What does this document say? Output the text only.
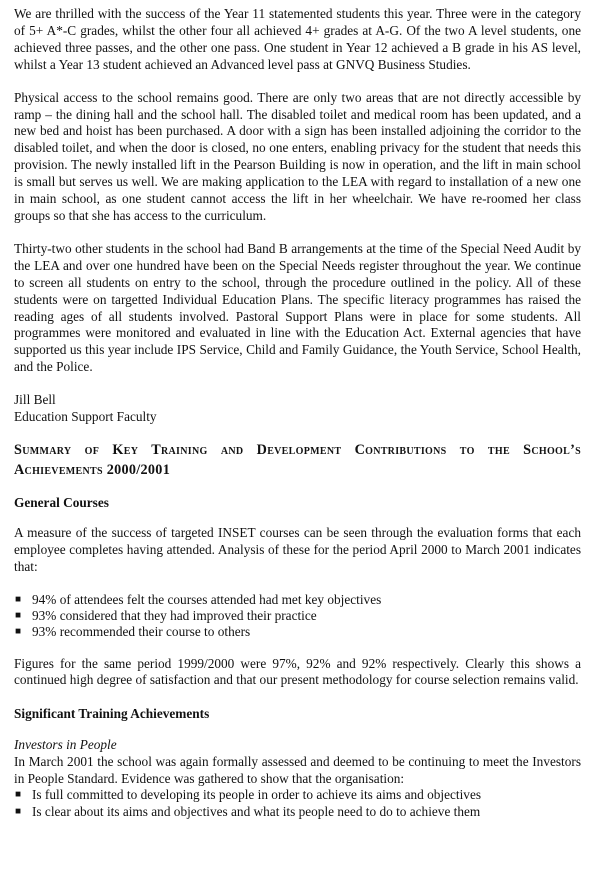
We are thrilled with the success of the Year 11 statemented students this year. Three were in the category of 5+ A*-C grades, whilst the other four all achieved 4+ grades at A-G. Of the two A level students, one achieved three passes, and the other one pass. One student in Year 12 achieved a B grade in his AS level, whilst a Year 13 student achieved an Advanced level pass at GNVQ Business Studies.

Physical access to the school remains good. There are only two areas that are not directly accessible by ramp – the dining hall and the school hall. The disabled toilet and medical room has been updated, and a new bed and hoist has been purchased. A door with a sign has been installed adjoining the corridor to the disabled toilet, and when the door is closed, no one enters, enabling privacy for the student that needs this provision. The newly installed lift in the Pearson Building is now in operation, and the lift in main school is small but serves us well. We are making application to the LEA with regard to installation of a new one in main school, as one student cannot access the lift in her wheelchair. We have re-roomed her class groups so that she has access to the curriculum.

Thirty-two other students in the school had Band B arrangements at the time of the Special Need Audit by the LEA and over one hundred have been on the Special Needs register throughout the year. We continue to screen all students on entry to the school, through the procedure outlined in the policy. All of these students were on targetted Individual Education Plans. The specific literacy programmes has raised the reading ages of all students involved. Pastoral Support Plans were in place for some students. All programmes were monitored and evaluated in line with the Education Act. External agencies that have supported us this year include IPS Service, Child and Family Guidance, the Youth Service, School Health, and the Police.

Jill Bell

Education Support Faculty

Summary of Key Training and Development Contributions to the School’s Achievements 2000/2001
General Courses

A measure of the success of targeted INSET courses can be seen through the evaluation forms that each employee completes having attended. Analysis of these for the period April 2000 to March 2001 indicates that:

■ 94% of attendees felt the courses attended had met key objectives
■ 93% considered that they had improved their practice
■ 93% recommended their course to others

Figures for the same period 1999/2000 were 97%, 92% and 92% respectively. Clearly this shows a continued high degree of satisfaction and that our present methodology for course selection remains valid.

Significant Training Achievements
Investors in People

In March 2001 the school was again formally assessed and deemed to be continuing to meet the Investors in People Standard. Evidence was gathered to show that the organisation:

■ Is full committed to developing its people in order to achieve its aims and objectives
■ Is clear about its aims and objectives and what its people need to do to achieve them
